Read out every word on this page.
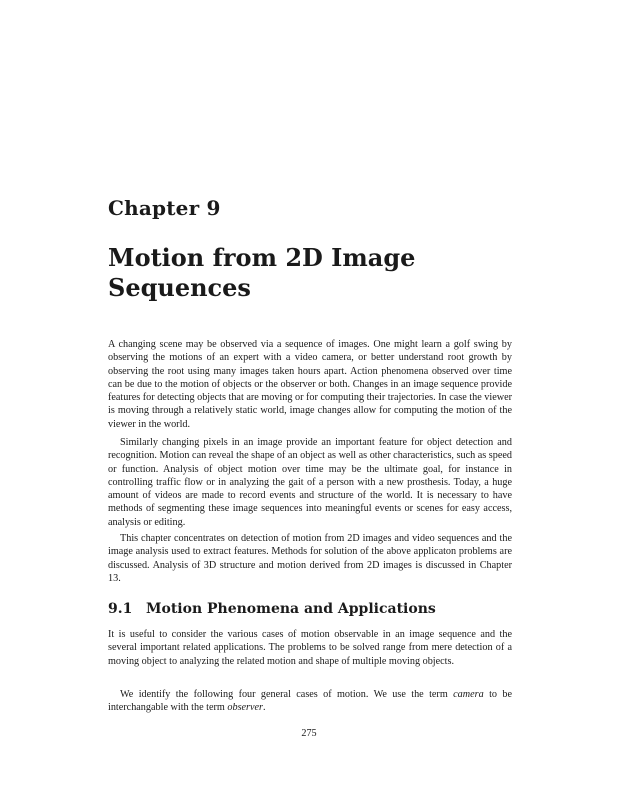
Chapter 9
Motion from 2D Image
Sequences

A changing scene may be observed via a sequence of images. One might learn a golf swing by observing the motions of an expert with a video camera, or better understand root growth by observing the root using many images taken hours apart. Action phenomena observed over time can be due to the motion of objects or the observer or both. Changes in an image sequence provide features for detecting objects that are moving or for computing their trajectories. In case the viewer is moving through a relatively static world, image changes allow for computing the motion of the viewer in the world.

Similarly changing pixels in an image provide an important feature for object detection and recognition. Motion can reveal the shape of an object as well as other characteristics, such as speed or function. Analysis of object motion over time may be the ultimate goal, for instance in controlling traffic flow or in analyzing the gait of a person with a new prosthesis. Today, a huge amount of videos are made to record events and structure of the world. It is necessary to have methods of segmenting these image sequences into meaningful events or scenes for easy access, analysis or editing.

This chapter concentrates on detection of motion from 2D images and video sequences and the image analysis used to extract features. Methods for solution of the above applicaton problems are discussed. Analysis of 3D structure and motion derived from 2D images is discussed in Chapter 13.

9.1 Motion Phenomena and Applications

It is useful to consider the various cases of motion observable in an image sequence and the several important related applications. The problems to be solved range from mere detection of a moving object to analyzing the related motion and shape of multiple moving objects.

We identify the following four general cases of motion. We use the term camera to be interchangable with the term observer.

275
